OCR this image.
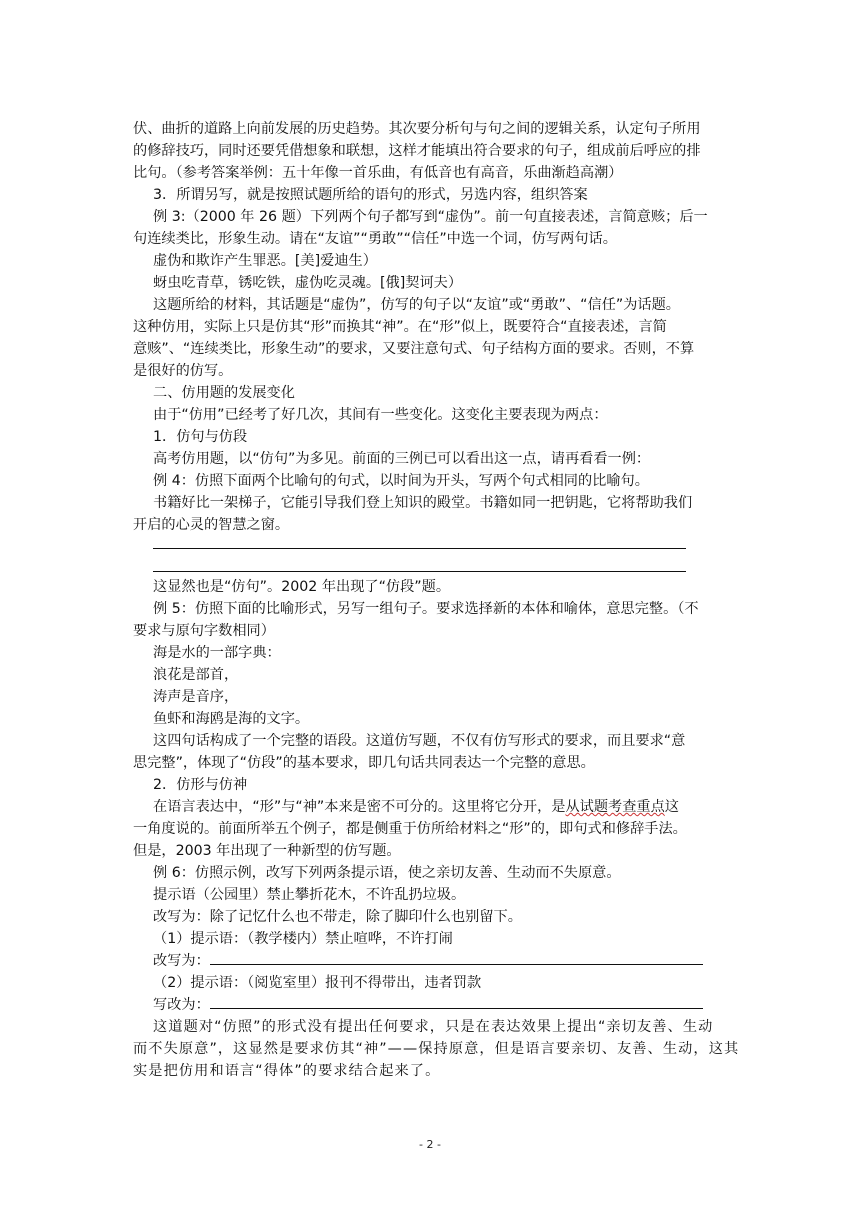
伏、曲折的道路上向前发展的历史趋势。其次要分析句与句之间的逻辑关系，认定句子所用
的修辞技巧，同时还要凭借想象和联想，这样才能填出符合要求的句子，组成前后呼应的排
比句。（参考答案举例：五十年像一首乐曲，有低音也有高音，乐曲渐趋高潮）
3．所谓另写，就是按照试题所给的语句的形式，另选内容，组织答案
例 3:（2000 年 26 题）下列两个句子都写到“虚伪”。前一句直接表述，言简意赅；后一
句连续类比，形象生动。请在“友谊”“勇敢”“信任”中选一个词，仿写两句话。
虚伪和欺诈产生罪恶。[美]爱迪生）
蚜虫吃青草，锈吃铁，虚伪吃灵魂。[俄]契诃夫）
这题所给的材料，其话题是“虚伪”，仿写的句子以“友谊”或“勇敢”、“信任”为话题。
这种仿用，实际上只是仿其“形”而换其“神”。在“形”似上，既要符合“直接表述，言简
意赅”、“连续类比，形象生动”的要求，又要注意句式、句子结构方面的要求。否则，不算
是很好的仿写。
二、仿用题的发展变化
由于“仿用”已经考了好几次，其间有一些变化。这变化主要表现为两点：
1．仿句与仿段
高考仿用题，以“仿句”为多见。前面的三例已可以看出这一点，请再看看一例：
例 4：仿照下面两个比喻句的句式，以时间为开头，写两个句式相同的比喻句。
书籍好比一架梯子，它能引导我们登上知识的殿堂。书籍如同一把钥匙，它将帮助我们
开启的心灵的智慧之窗。
这显然也是“仿句”。2002 年出现了“仿段”题。
例 5：仿照下面的比喻形式，另写一组句子。要求选择新的本体和喻体，意思完整。（不
要求与原句字数相同）
海是水的一部字典：
浪花是部首，
涛声是音序，
鱼虾和海鸥是海的文字。
这四句话构成了一个完整的语段。这道仿写题，不仅有仿写形式的要求，而且要求“意
思完整”，体现了“仿段”的基本要求，即几句话共同表达一个完整的意思。
2．仿形与仿神
在语言表达中，“形”与“神”本来是密不可分的。这里将它分开，是从试题考查重点这
一角度说的。前面所举五个例子，都是侧重于仿所给材料之“形”的，即句式和修辞手法。
但是，2003 年出现了一种新型的仿写题。
例 6：仿照示例，改写下列两条提示语，使之亲切友善、生动而不失原意。
提示语（公园里）禁止攀折花木，不许乱扔垃圾。
改写为：除了记忆什么也不带走，除了脚印什么也别留下。
（1）提示语：（教学楼内）禁止喧哗，不许打闹
改写为：
（2）提示语：（阅览室里）报刊不得带出，违者罚款
写改为：
这道题对“仿照”的形式没有提出任何要求，只是在表达效果上提出“亲切友善、生动
而不失原意”，这显然是要求仿其“神”——保持原意，但是语言要亲切、友善、生动，这其
实是把仿用和语言“得体”的要求结合起来了。
- 2 -
